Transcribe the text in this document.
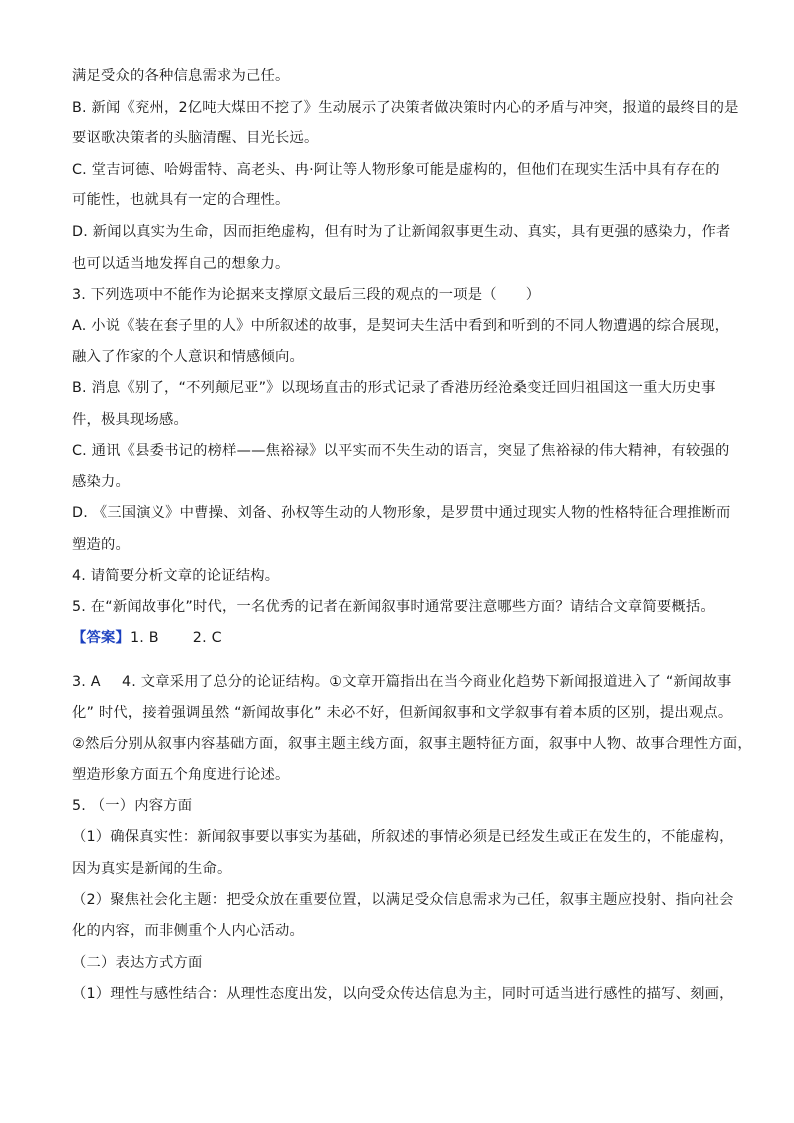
满足受众的各种信息需求为己任。
B. 新闻《兖州，2亿吨大煤田不挖了》生动展示了决策者做决策时内心的矛盾与冲突，报道的最终目的是
要讴歌决策者的头脑清醒、目光长远。
C. 堂吉诃德、哈姆雷特、高老头、冉·阿让等人物形象可能是虚构的，但他们在现实生活中具有存在的
可能性，也就具有一定的合理性。
D. 新闻以真实为生命，因而拒绝虚构，但有时为了让新闻叙事更生动、真实，具有更强的感染力，作者
也可以适当地发挥自己的想象力。
3. 下列选项中不能作为论据来支撑原文最后三段的观点的一项是（　　）
A. 小说《装在套子里的人》中所叙述的故事，是契诃夫生活中看到和听到的不同人物遭遇的综合展现，
融入了作家的个人意识和情感倾向。
B. 消息《别了，“不列颠尼亚”》以现场直击的形式记录了香港历经沧桑变迁回归祖国这一重大历史事
件，极具现场感。
C. 通讯《县委书记的榜样——焦裕禄》以平实而不失生动的语言，突显了焦裕禄的伟大精神，有较强的
感染力。
D. 《三国演义》中曹操、刘备、孙权等生动的人物形象，是罗贯中通过现实人物的性格特征合理推断而
塑造的。
4. 请简要分析文章的论证结构。
5. 在“新闻故事化”时代，一名优秀的记者在新闻叙事时通常要注意哪些方面？请结合文章简要概括。
【答案】1. B 2. C
3. A 4. 文章采用了总分的论证结构。①文章开篇指出在当今商业化趋势下新闻报道进入了 “新闻故事
化” 时代，接着强调虽然 “新闻故事化” 未必不好，但新闻叙事和文学叙事有着本质的区别，提出观点。
②然后分别从叙事内容基础方面，叙事主题主线方面，叙事主题特征方面，叙事中人物、故事合理性方面，
塑造形象方面五个角度进行论述。
5. （一）内容方面
（1）确保真实性：新闻叙事要以事实为基础，所叙述的事情必须是已经发生或正在发生的，不能虚构，
因为真实是新闻的生命。
（2）聚焦社会化主题：把受众放在重要位置，以满足受众信息需求为己任，叙事主题应投射、指向社会
化的内容，而非侧重个人内心活动。
（二）表达方式方面
（1）理性与感性结合：从理性态度出发，以向受众传达信息为主，同时可适当进行感性的描写、刻画，
